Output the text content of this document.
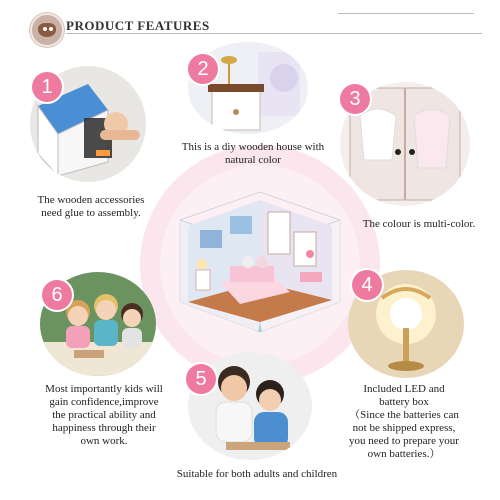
PRODUCT FEATURES
1
The wooden accessories
need glue to assembly.
2
This is a diy wooden house with
natural color
3
The colour is multi-color.
4
Included LED and
battery box
（Since the batteries can
not be shipped express,
you need to prepare your
own batteries.）
5
Suitable for both adults and children
6
Most importantly kids will
gain confidence,improve
the practical ability and
happiness through their
own work.
